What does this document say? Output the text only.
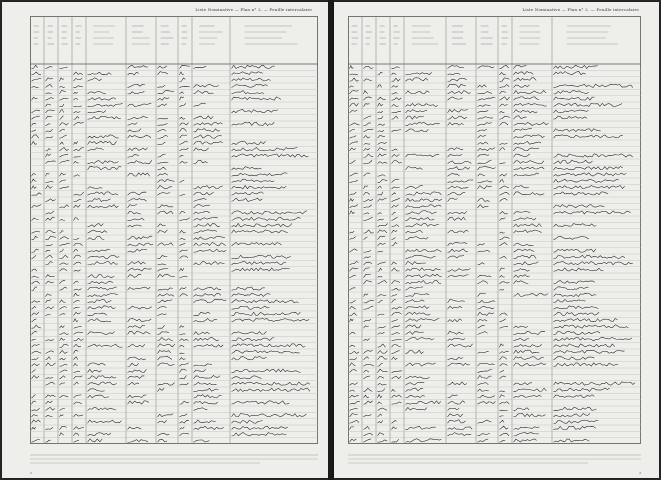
Liste Nominative — Plan n° 2. — Feuille intercalaire
2
Liste Nominative — Plan n° 2. — Feuille intercalaire
3
